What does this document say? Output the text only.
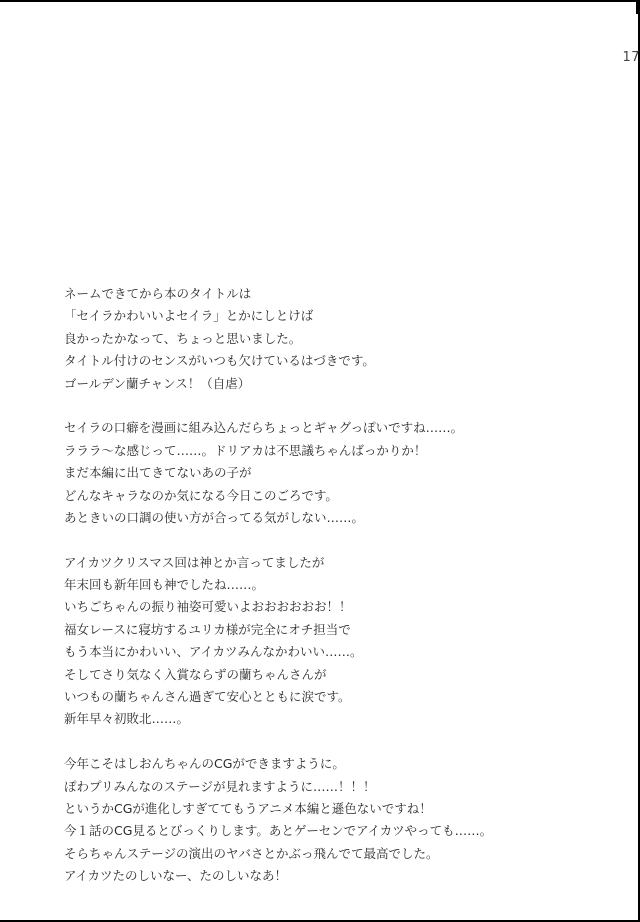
17
ネームできてから本のタイトルは
「セイラかわいいよセイラ」とかにしとけば
良かったかなって、ちょっと思いました。
タイトル付けのセンスがいつも欠けているはづきです。
ゴールデン蘭チャンス！（自虐）
セイラの口癖を漫画に組み込んだらちょっとギャグっぽいですね……。
ラララ～な感じって……。ドリアカは不思議ちゃんばっかりか！
まだ本編に出てきてないあの子が
どんなキャラなのか気になる今日このごろです。
あときいの口調の使い方が合ってる気がしない……。
アイカツクリスマス回は神とか言ってましたが
年末回も新年回も神でしたね……。
いちごちゃんの振り袖姿可愛いよおおおおおお！！
福女レースに寝坊するユリカ様が完全にオチ担当で
もう本当にかわいい、アイカツみんなかわいい……。
そしてさり気なく入賞ならずの蘭ちゃんさんが
いつもの蘭ちゃんさん過ぎて安心とともに涙です。
新年早々初敗北……。
今年こそはしおんちゃんのCGができますように。
ぽわプリみんなのステージが見れますように……！！！
というかCGが進化しすぎててもうアニメ本編と遜色ないですね！
今１話のCG見るとびっくりします。あとゲーセンでアイカツやっても……。
そらちゃんステージの演出のヤバさとかぶっ飛んでて最高でした。
アイカツたのしいなー、たのしいなあ！
